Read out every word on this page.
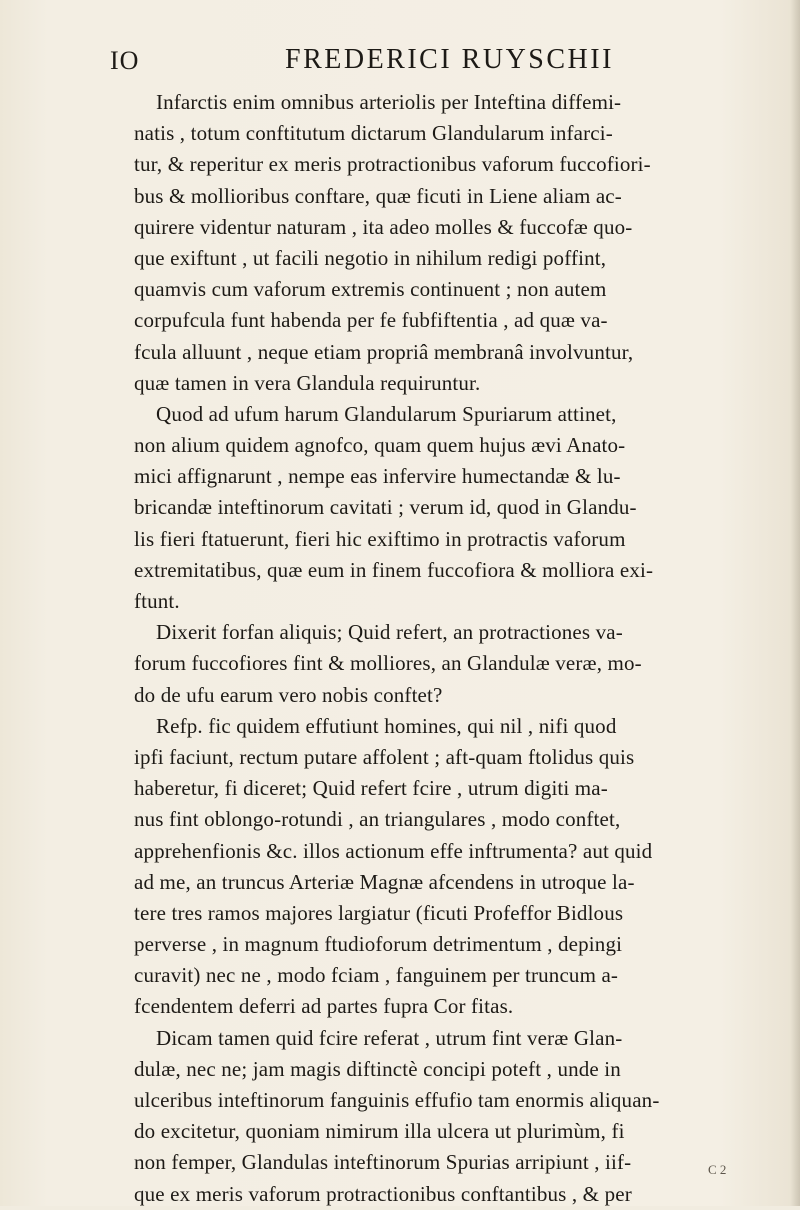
IO	FREDERICI RUYSCHII
Infarctis enim omnibus arteriolis per Inteftina diffemi-
natis , totum conftitutum dictarum Glandularum infarci-
tur, & reperitur ex meris protractionibus vaforum fuccofiori-
bus & mollioribus conftare, quæ ficuti in Liene aliam ac-
quirere videntur naturam , ita adeo molles & fuccofæ quo-
que exiftunt , ut facili negotio in nihilum redigi poffint,
quamvis cum vaforum extremis continuent ; non autem
corpufcula funt habenda per fe fubfiftentia , ad quæ va-
fcula alluunt , neque etiam propriâ membranâ involvuntur,
quæ tamen in vera Glandula requiruntur.
Quod ad ufum harum Glandularum Spuriarum attinet,
non alium quidem agnofco, quam quem hujus ævi Anato-
mici affignarunt , nempe eas infervire humectandæ & lu-
bricandæ inteftinorum cavitati ; verum id, quod in Glandu-
lis fieri ftatuerunt, fieri hic exiftimo in protractis vaforum
extremitatibus, quæ eum in finem fuccofiora & molliora exi-
ftunt.
Dixerit forfan aliquis; Quid refert, an protractiones va-
forum fuccofiores fint & molliores, an Glandulæ veræ, mo-
do de ufu earum vero nobis conftet?
Refp. fic quidem effutiunt homines, qui nil , nifi quod
ipfi faciunt, rectum putare affolent ; aft-quam ftolidus quis
haberetur, fi diceret; Quid refert fcire , utrum digiti ma-
nus fint oblongo-rotundi , an triangulares , modo conftet,
apprehenfionis &c. illos actionum effe inftrumenta? aut quid
ad me, an truncus Arteriæ Magnæ afcendens in utroque la-
tere tres ramos majores largiatur (ficuti Profeffor Bidlous
perverse , in magnum ftudioforum detrimentum , depingi
curavit) nec ne , modo fciam , fanguinem per truncum a-
fcendentem deferri ad partes fupra Cor fitas.
Dicam tamen quid fcire referat , utrum fint veræ Glan-
dulæ, nec ne; jam magis diftinctè concipi poteft , unde in
ulceribus inteftinorum fanguinis effufio tam enormis aliquan-
do excitetur, quoniam nimirum illa ulcera ut plurimùm, fi
non femper, Glandulas inteftinorum Spurias arripiunt , iif-
que ex meris vaforum protractionibus conftantibus , & per
C 2
